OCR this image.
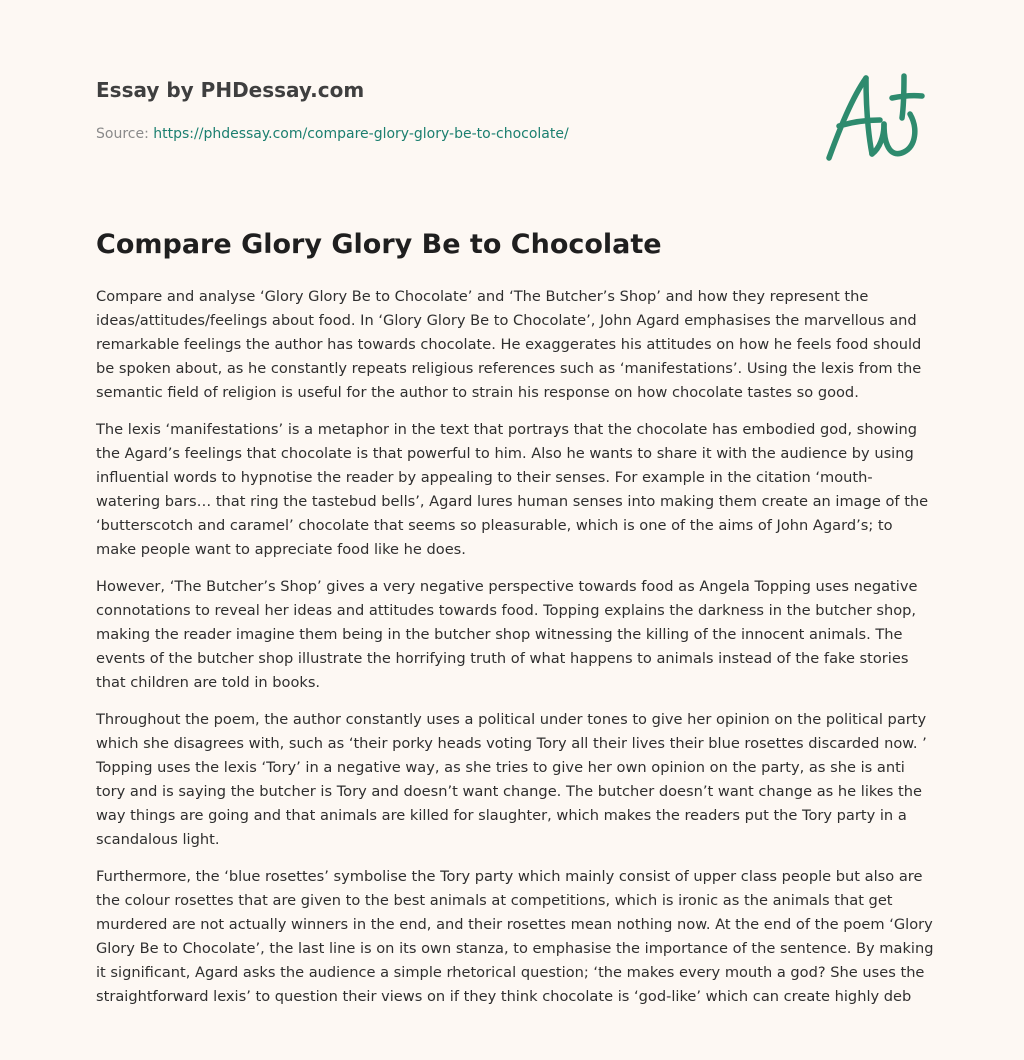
Essay by PHDessay.com
Source: https://phdessay.com/compare-glory-glory-be-to-chocolate/
Compare Glory Glory Be to Chocolate

Compare and analyse ‘Glory Glory Be to Chocolate’ and ‘The Butcher’s Shop’ and how they represent the ideas/attitudes/feelings about food. In ‘Glory Glory Be to Chocolate’, John Agard emphasises the marvellous and remarkable feelings the author has towards chocolate. He exaggerates his attitudes on how he feels food should be spoken about, as he constantly repeats religious references such as ‘manifestations’. Using the lexis from the semantic field of religion is useful for the author to strain his response on how chocolate tastes so good.

The lexis ‘manifestations’ is a metaphor in the text that portrays that the chocolate has embodied god, showing the Agard’s feelings that chocolate is that powerful to him. Also he wants to share it with the audience by using influential words to hypnotise the reader by appealing to their senses. For example in the citation ‘mouth-watering bars… that ring the tastebud bells’, Agard lures human senses into making them create an image of the ‘butterscotch and caramel’ chocolate that seems so pleasurable, which is one of the aims of John Agard’s; to make people want to appreciate food like he does.

However, ‘The Butcher’s Shop’ gives a very negative perspective towards food as Angela Topping uses negative connotations to reveal her ideas and attitudes towards food. Topping explains the darkness in the butcher shop, making the reader imagine them being in the butcher shop witnessing the killing of the innocent animals. The events of the butcher shop illustrate the horrifying truth of what happens to animals instead of the fake stories that children are told in books.

Throughout the poem, the author constantly uses a political under tones to give her opinion on the political party which she disagrees with, such as ‘their porky heads voting Tory all their lives their blue rosettes discarded now. ’ Topping uses the lexis ‘Tory’ in a negative way, as she tries to give her own opinion on the party, as she is anti tory and is saying the butcher is Tory and doesn’t want change. The butcher doesn’t want change as he likes the way things are going and that animals are killed for slaughter, which makes the readers put the Tory party in a scandalous light.

Furthermore, the ‘blue rosettes’ symbolise the Tory party which mainly consist of upper class people but also are the colour rosettes that are given to the best animals at competitions, which is ironic as the animals that get murdered are not actually winners in the end, and their rosettes mean nothing now. At the end of the poem ‘Glory Glory Be to Chocolate’, the last line is on its own stanza, to emphasise the importance of the sentence. By making it significant, Agard asks the audience a simple rhetorical question; ‘the makes every mouth a god? She uses the straightforward lexis’ to question their views on if they think chocolate is ‘god-like’ which can create highly deb
